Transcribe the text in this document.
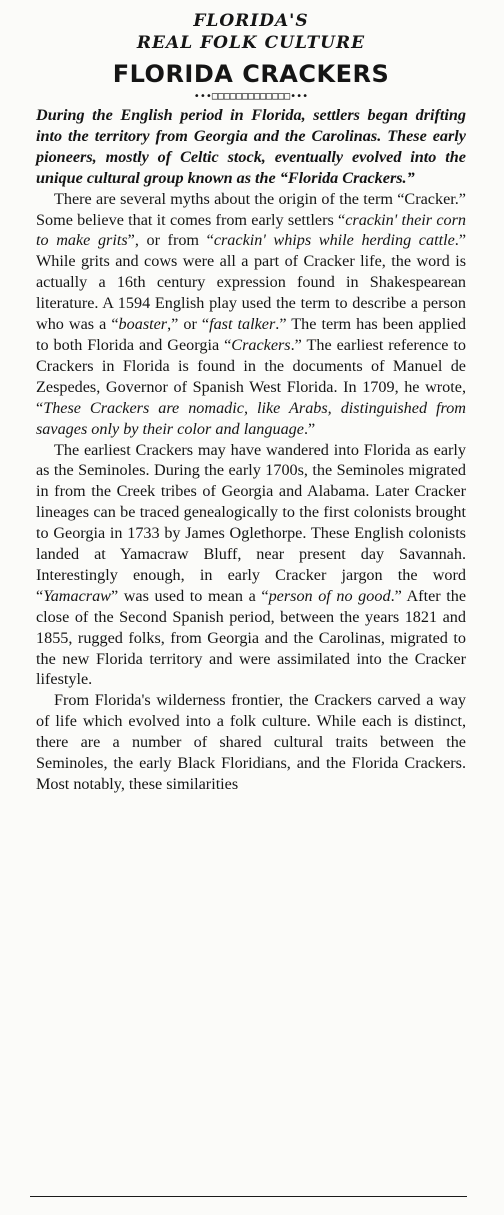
FLORIDA'S

REAL FOLK CULTURE

FLORIDA CRACKERS
•••□□□□□□□□□□□□□•••

During the English period in Florida, settlers began drifting into the territory from Georgia and the Carolinas. These early pioneers, mostly of Celtic stock, eventually evolved into the unique cultural group known as the “Florida Crackers.”

There are several myths about the origin of the term “Cracker.” Some believe that it comes from early settlers “crackin' their corn to make grits”, or from “crackin' whips while herding cattle.” While grits and cows were all a part of Cracker life, the word is actually a 16th century expression found in Shakespearean literature. A 1594 English play used the term to describe a person who was a “boaster,” or “fast talker.” The term has been applied to both Florida and Georgia “Crackers.” The earliest reference to Crackers in Florida is found in the documents of Manuel de Zespedes, Governor of Spanish West Florida. In 1709, he wrote, “These Crackers are nomadic, like Arabs, distinguished from savages only by their color and language.”

The earliest Crackers may have wandered into Florida as early as the Seminoles. During the early 1700s, the Seminoles migrated in from the Creek tribes of Georgia and Alabama. Later Cracker lineages can be traced genealogically to the first colonists brought to Georgia in 1733 by James Oglethorpe. These English colonists landed at Yamacraw Bluff, near present day Savannah. Interestingly enough, in early Cracker jargon the word “Yamacraw” was used to mean a “person of no good.” After the close of the Second Spanish period, between the years 1821 and 1855, rugged folks, from Georgia and the Carolinas, migrated to the new Florida territory and were assimilated into the Cracker lifestyle.

From Florida's wilderness frontier, the Crackers carved a way of life which evolved into a folk culture. While each is distinct, there are a number of shared cultural traits between the Seminoles, the early Black Floridians, and the Florida Crackers. Most notably, these similarities
